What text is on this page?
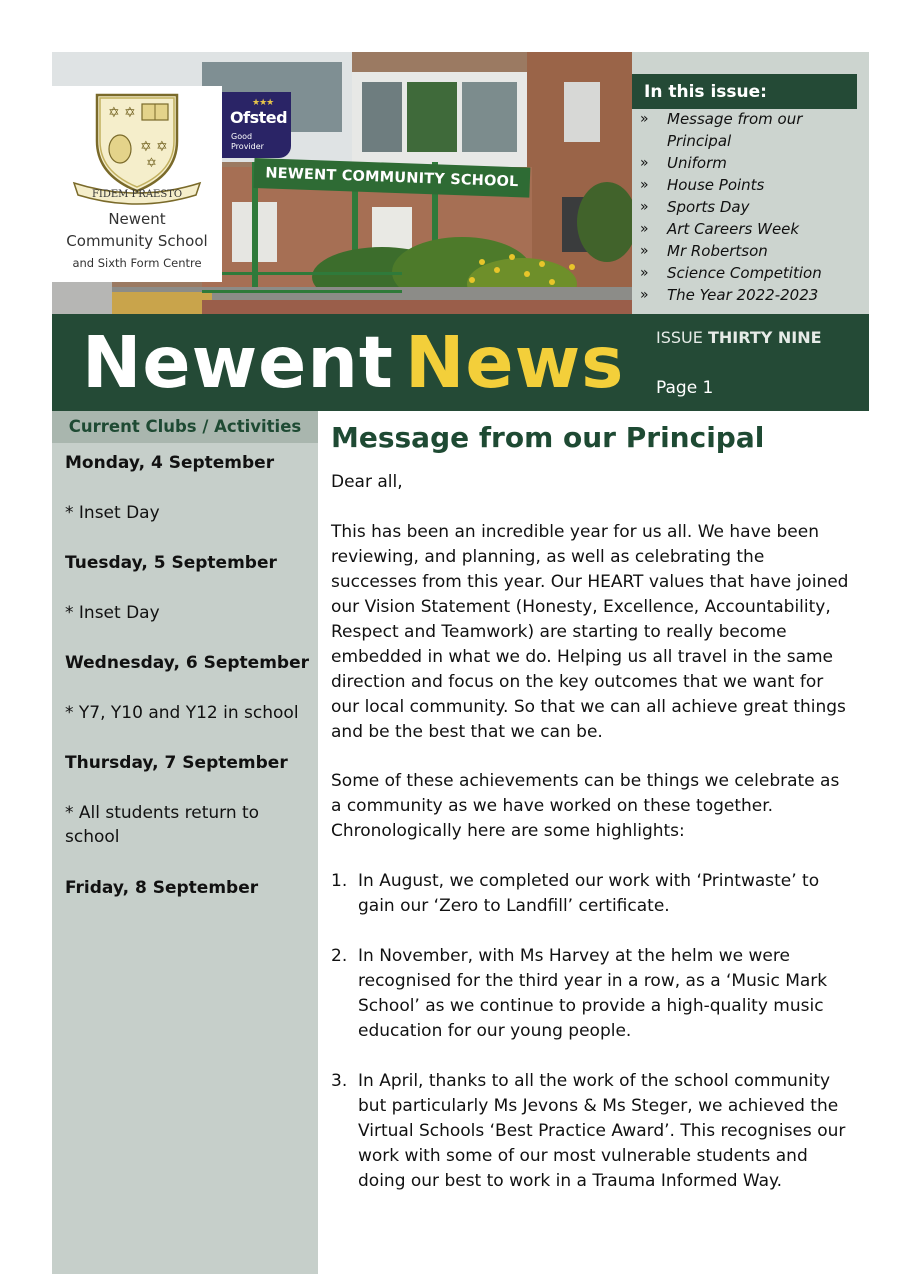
✡ ✡
✡ ✡
✡
FIDEM PRAESTO
Newent
Community School
and Sixth Form Centre
★★★
Ofsted
Good
Provider
NEWENT COMMUNITY SCHOOL
In this issue:
» Message from our Principal
» Uniform
» House Points
» Sports Day
» Art Careers Week
» Mr Robertson
» Science Competition
» The Year 2022-2023
Newent News ISSUE THIRTY NINE
Page 1
Current Clubs / Activities
Monday, 4 September
* Inset Day
Tuesday, 5 September
* Inset Day
Wednesday, 6 September
* Y7, Y10 and Y12 in school
Thursday, 7 September
* All students return to school
Friday, 8 September
Message from our Principal

Dear all,

This has been an incredible year for us all. We have been reviewing, and planning, as well as celebrating the successes from this year. Our HEART values that have joined our Vision Statement (Honesty, Excellence, Accountability, Respect and Teamwork) are starting to really become embedded in what we do. Helping us all travel in the same direction and focus on the key outcomes that we want for our local community. So that we can all achieve great things and be the best that we can be.

Some of these achievements can be things we celebrate as a community as we have worked on these together. Chronologically here are some highlights:

1. In August, we completed our work with ‘Printwaste’ to gain our ‘Zero to Landfill’ certificate.
2. In November, with Ms Harvey at the helm we were recognised for the third year in a row, as a ‘Music Mark School’ as we continue to provide a high-quality music education for our young people.
3. In April, thanks to all the work of the school community but particularly Ms Jevons & Ms Steger, we achieved the Virtual Schools ‘Best Practice Award’. This recognises our work with some of our most vulnerable students and doing our best to work in a Trauma Informed Way.
